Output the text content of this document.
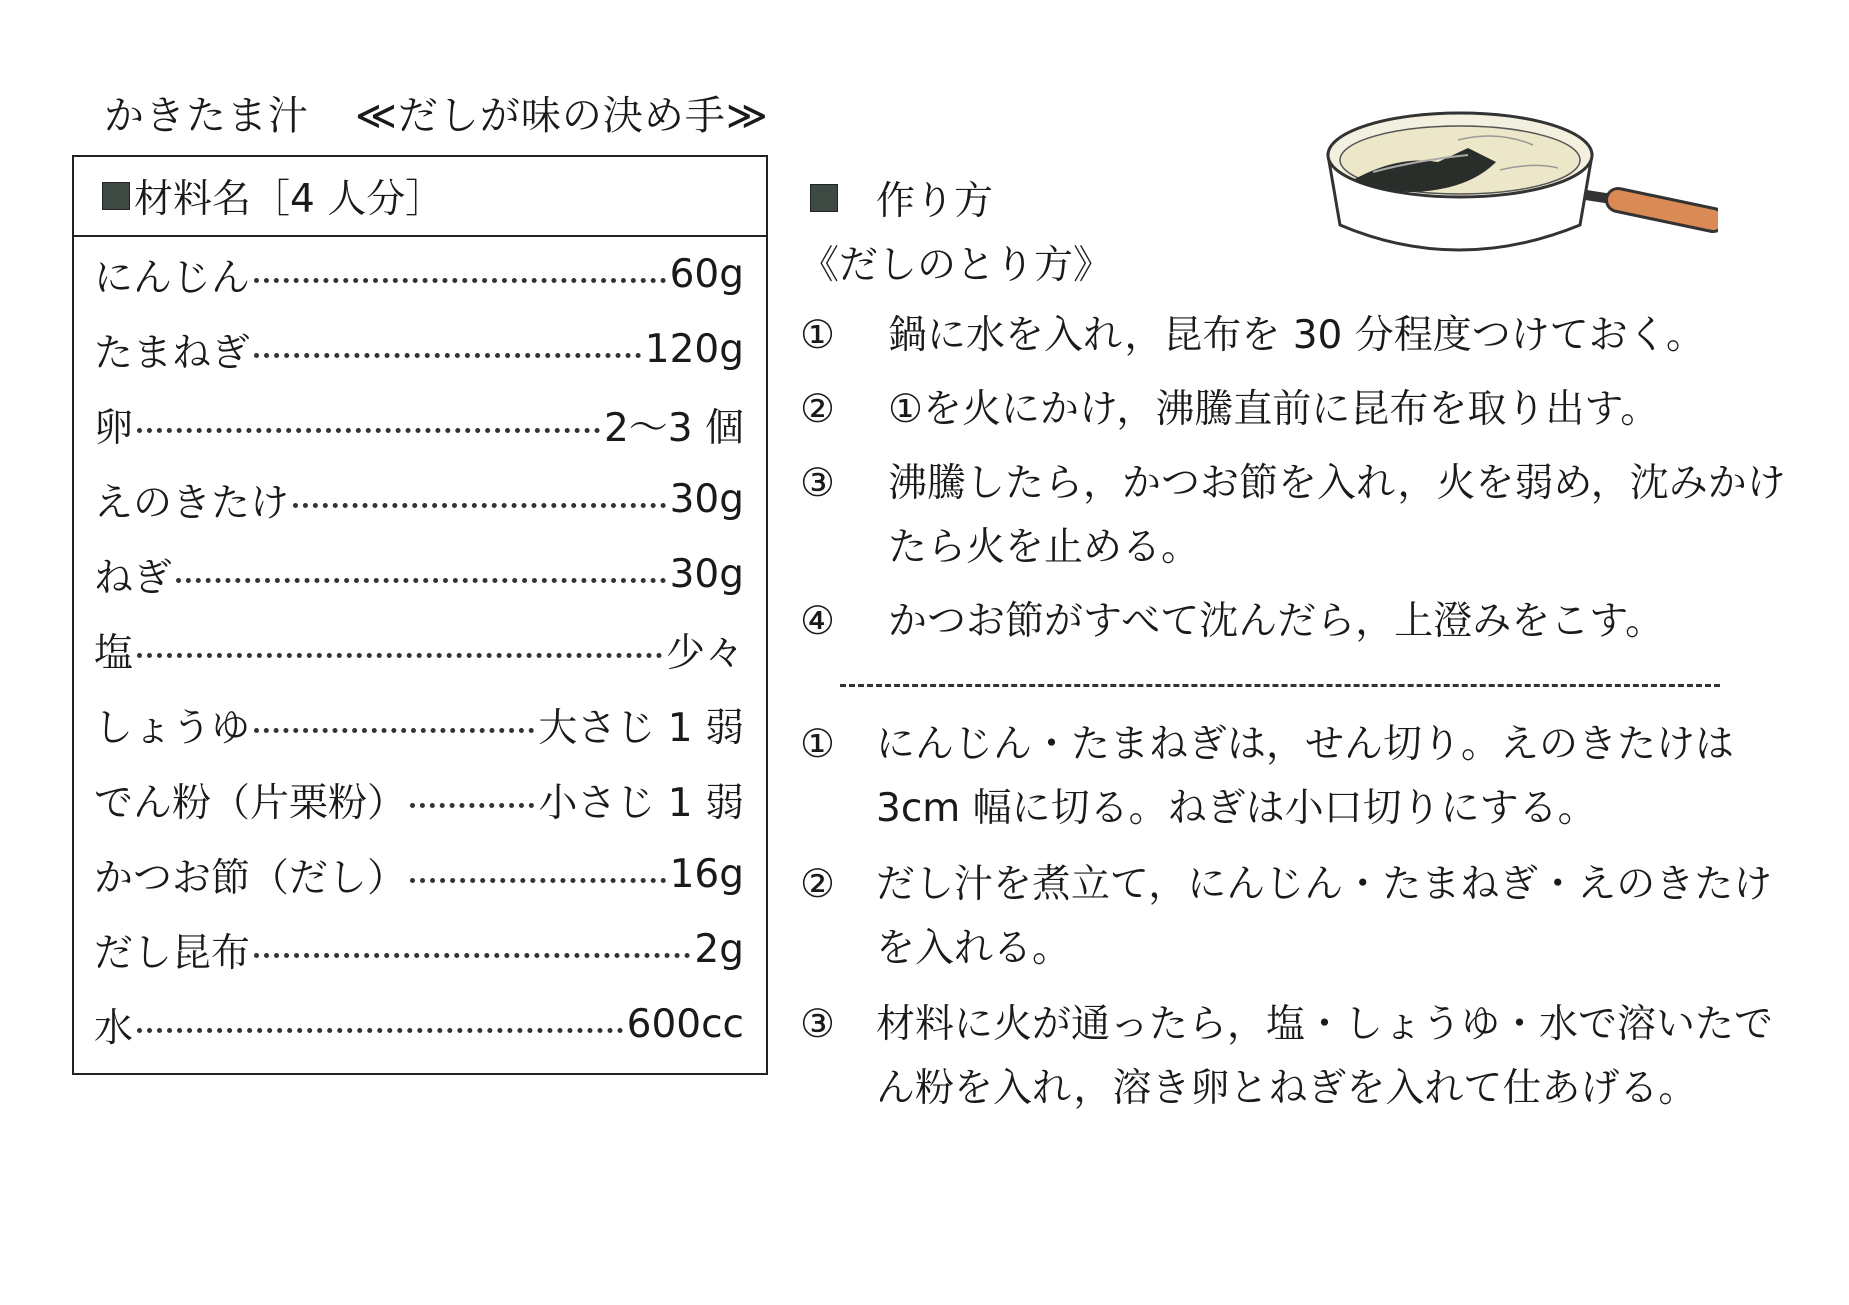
かきたま汁 ≪だしが味の決め手≫
材料名［4 人分］
にんじん	60g
たまねぎ	120g
卵	2～3 個
えのきたけ	30g
ねぎ	30g
塩	少々
しょうゆ	大さじ 1 弱
でん粉（片栗粉）	小さじ 1 弱
かつお節（だし）	16g
だし昆布	2g
水	600cc
作り方
《だしのとり方》
①	鍋に水を入れ，昆布を 30 分程度つけておく。
②	①を火にかけ，沸騰直前に昆布を取り出す。
③	沸騰したら，かつお節を入れ，火を弱め，沈みかけたら火を止める。
④	かつお節がすべて沈んだら，上澄みをこす。
①	にんじん・たまねぎは，せん切り。えのきたけは 3cm 幅に切る。ねぎは小口切りにする。
②	だし汁を煮立て，にんじん・たまねぎ・えのきたけを入れる。
③	材料に火が通ったら，塩・しょうゆ・水で溶いたでん粉を入れ，溶き卵とねぎを入れて仕あげる。
